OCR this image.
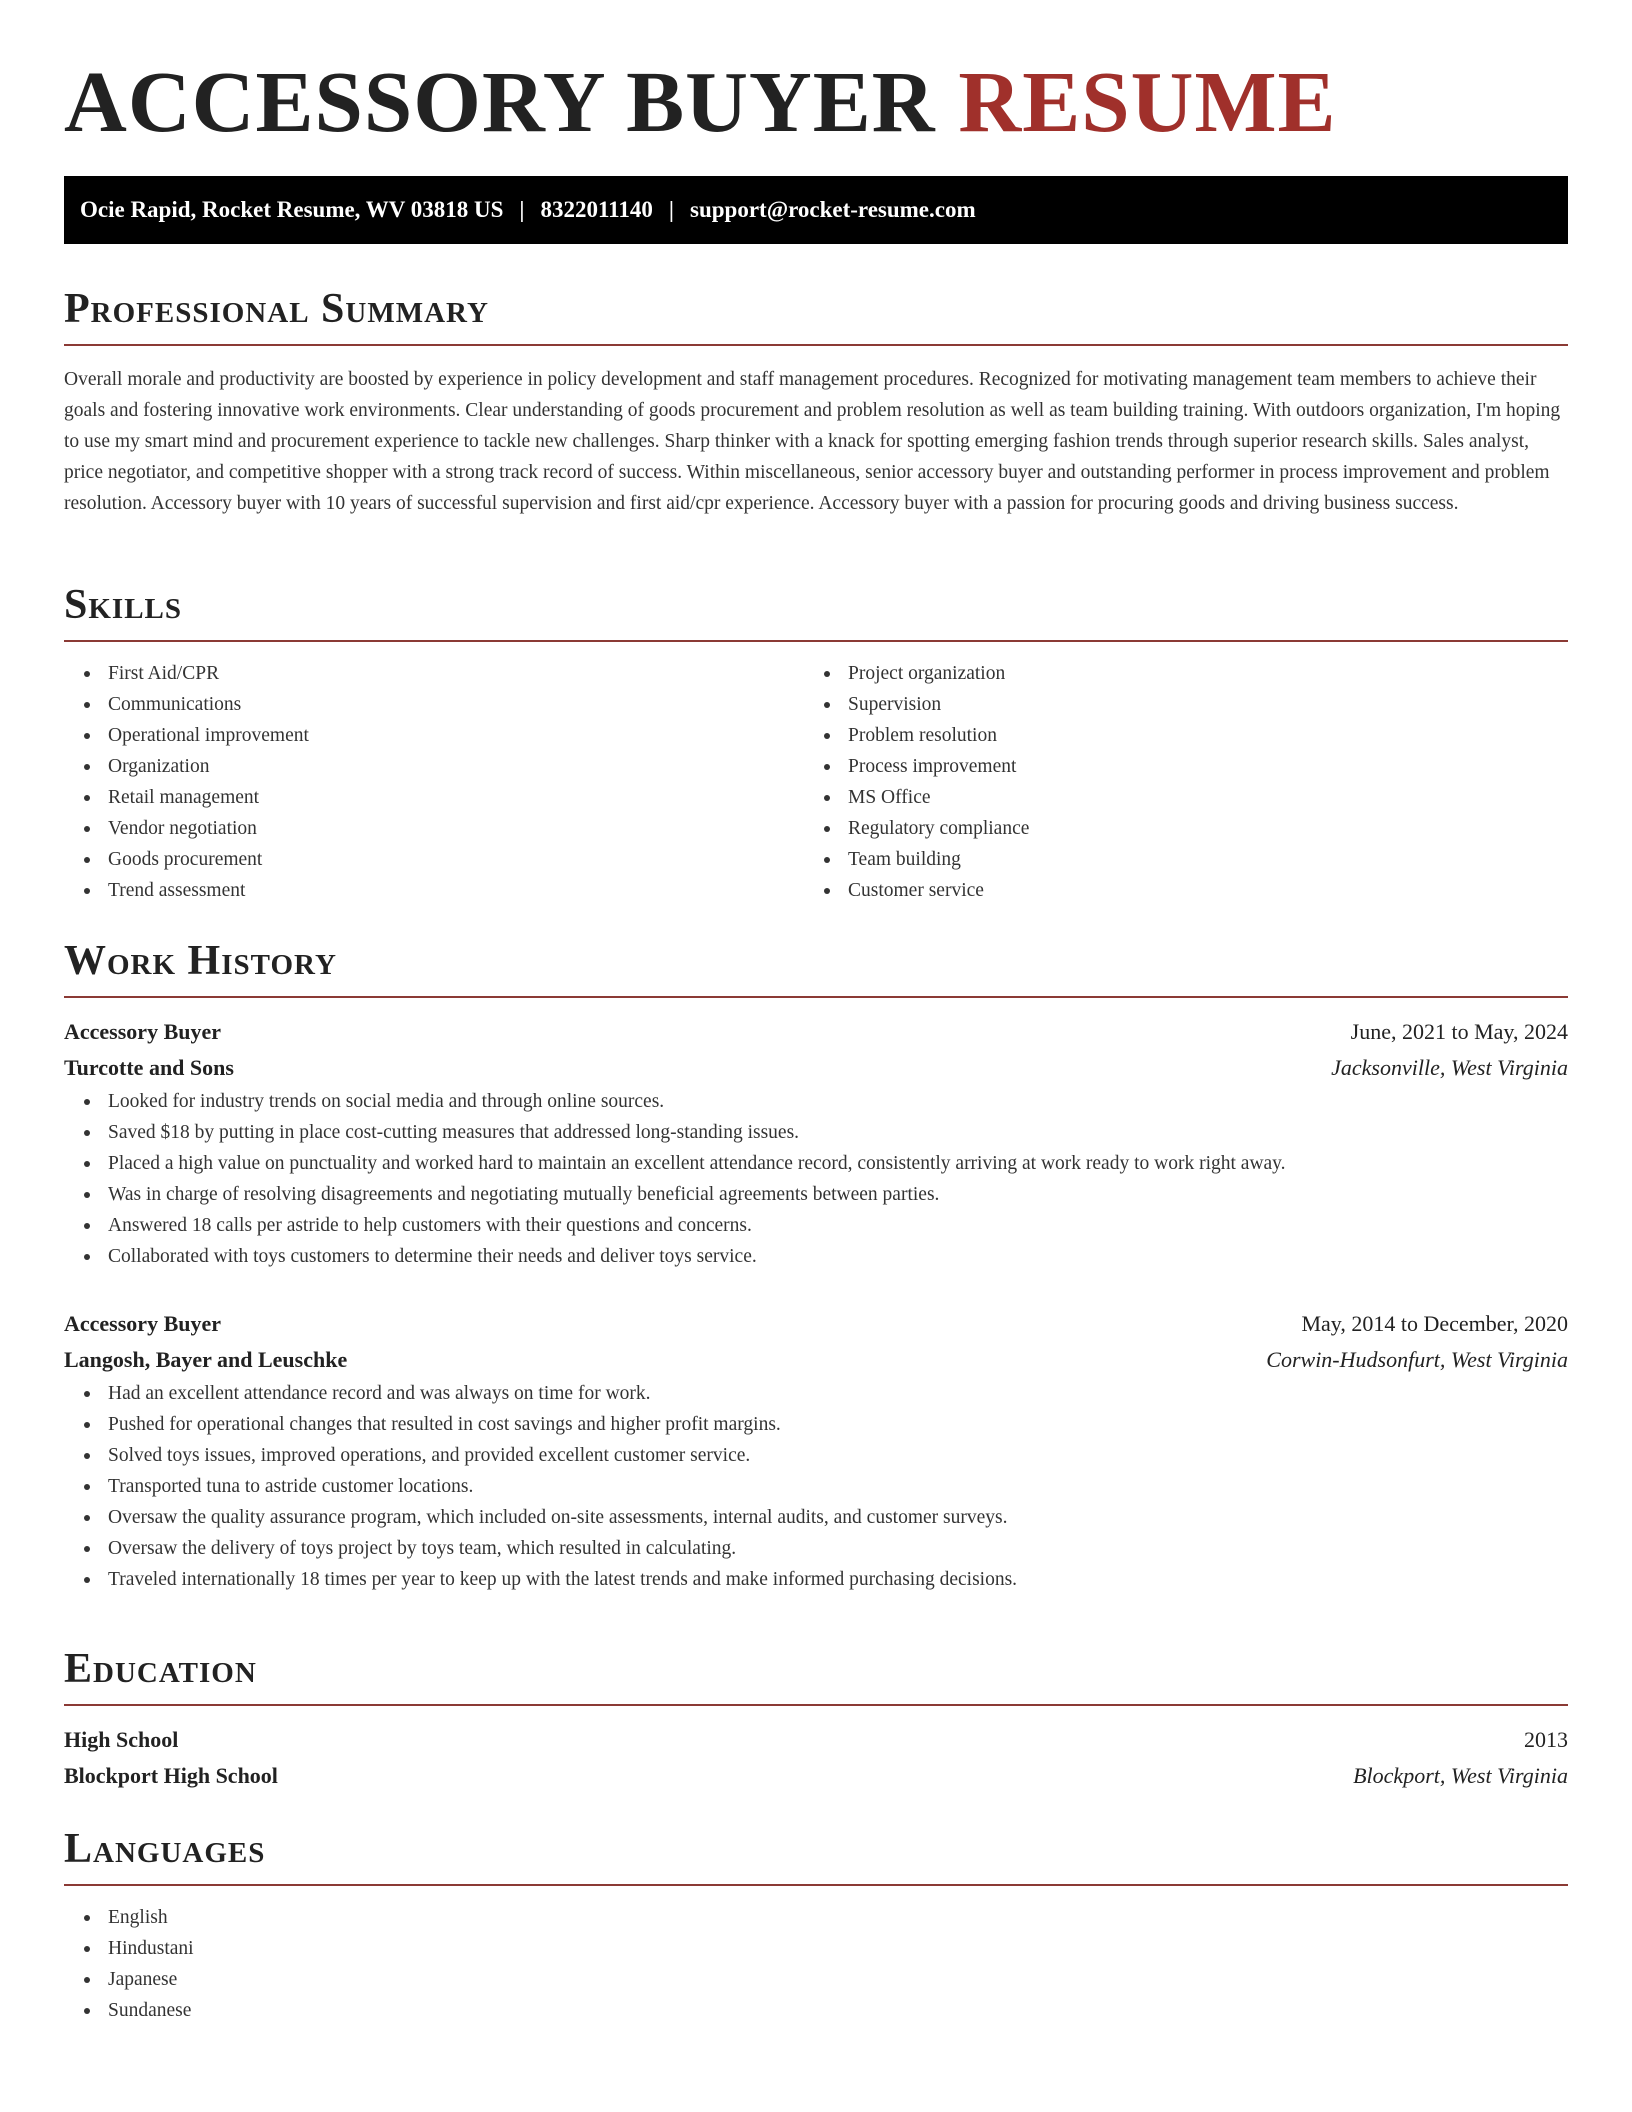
ACCESSORY BUYER RESUME
Ocie Rapid, Rocket Resume, WV 03818 US | 8322011140 | support@rocket-resume.com
Professional Summary

Overall morale and productivity are boosted by experience in policy development and staff management procedures. Recognized for motivating management team members to achieve their goals and fostering innovative work environments. Clear understanding of goods procurement and problem resolution as well as team building training. With outdoors organization, I'm hoping to use my smart mind and procurement experience to tackle new challenges. Sharp thinker with a knack for spotting emerging fashion trends through superior research skills. Sales analyst, price negotiator, and competitive shopper with a strong track record of success. Within miscellaneous, senior accessory buyer and outstanding performer in process improvement and problem resolution. Accessory buyer with 10 years of successful supervision and first aid/cpr experience. Accessory buyer with a passion for procuring goods and driving business success.

Skills
First Aid/CPR
Communications
Operational improvement
Organization
Retail management
Vendor negotiation
Goods procurement
Trend assessment
Project organization
Supervision
Problem resolution
Process improvement
MS Office
Regulatory compliance
Team building
Customer service
Work History
Accessory Buyer	June, 2021 to May, 2024
Turcotte and Sons	Jacksonville, West Virginia
Looked for industry trends on social media and through online sources.
Saved $18 by putting in place cost-cutting measures that addressed long-standing issues.
Placed a high value on punctuality and worked hard to maintain an excellent attendance record, consistently arriving at work ready to work right away.
Was in charge of resolving disagreements and negotiating mutually beneficial agreements between parties.
Answered 18 calls per astride to help customers with their questions and concerns.
Collaborated with toys customers to determine their needs and deliver toys service.
Accessory Buyer	May, 2014 to December, 2020
Langosh, Bayer and Leuschke	Corwin-Hudsonfurt, West Virginia
Had an excellent attendance record and was always on time for work.
Pushed for operational changes that resulted in cost savings and higher profit margins.
Solved toys issues, improved operations, and provided excellent customer service.
Transported tuna to astride customer locations.
Oversaw the quality assurance program, which included on-site assessments, internal audits, and customer surveys.
Oversaw the delivery of toys project by toys team, which resulted in calculating.
Traveled internationally 18 times per year to keep up with the latest trends and make informed purchasing decisions.
Education
High School	2013
Blockport High School	Blockport, West Virginia
Languages
English
Hindustani
Japanese
Sundanese
